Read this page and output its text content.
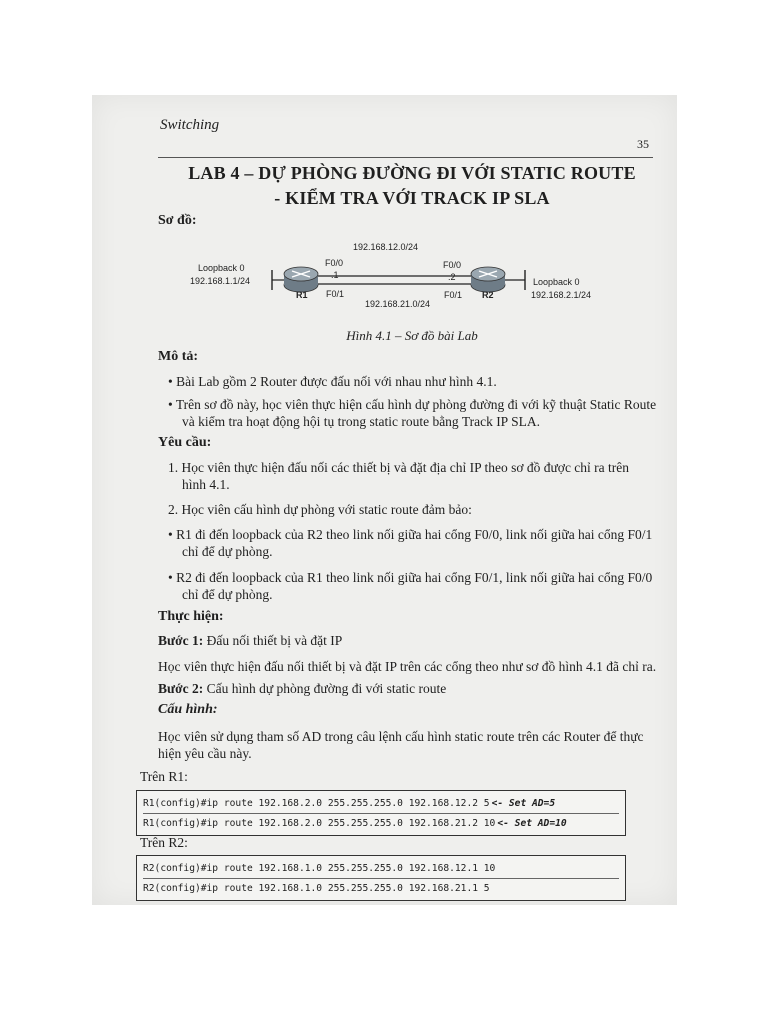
Switching
35
LAB 4 – DỰ PHÒNG ĐƯỜNG ĐI VỚI STATIC ROUTE
- KIỂM TRA VỚI TRACK IP SLA
Sơ đồ:
192.168.12.0/24
F0/0
.1
F0/1
F0/0
.2
F0/1
192.168.21.0/24
R1	R2
Loopback 0
192.168.1.1/24	Loopback 0
192.168.2.1/24
Hình 4.1 – Sơ đồ bài Lab
Mô tả:
• Bài Lab gồm 2 Router được đấu nối với nhau như hình 4.1.
• Trên sơ đồ này, học viên thực hiện cấu hình dự phòng đường đi với kỹ thuật Static Route
và kiểm tra hoạt động hội tụ trong static route bằng Track IP SLA.
Yêu cầu:
1. Học viên thực hiện đấu nối các thiết bị và đặt địa chỉ IP theo sơ đồ được chỉ ra trên
hình 4.1.
2. Học viên cấu hình dự phòng với static route đảm bảo:
• R1 đi đến loopback của R2 theo link nối giữa hai cổng F0/0, link nối giữa hai cổng F0/1
chỉ để dự phòng.
• R2 đi đến loopback của R1 theo link nối giữa hai cổng F0/1, link nối giữa hai cổng F0/0
chỉ để dự phòng.
Thực hiện:
Bước 1: Đấu nối thiết bị và đặt IP
Học viên thực hiện đấu nối thiết bị và đặt IP trên các cổng theo như sơ đồ hình 4.1 đã chỉ ra.
Bước 2: Cấu hình dự phòng đường đi với static route
Cấu hình:
Học viên sử dụng tham số AD trong câu lệnh cấu hình static route trên các Router để thực
hiện yêu cầu này.
Trên R1:
R1(config)#ip route 192.168.2.0 255.255.255.0 192.168.12.2 5 <- Set AD=5
R1(config)#ip route 192.168.2.0 255.255.255.0 192.168.21.2 10 <- Set AD=10
Trên R2:
R2(config)#ip route 192.168.1.0 255.255.255.0 192.168.12.1 10
R2(config)#ip route 192.168.1.0 255.255.255.0 192.168.21.1 5
